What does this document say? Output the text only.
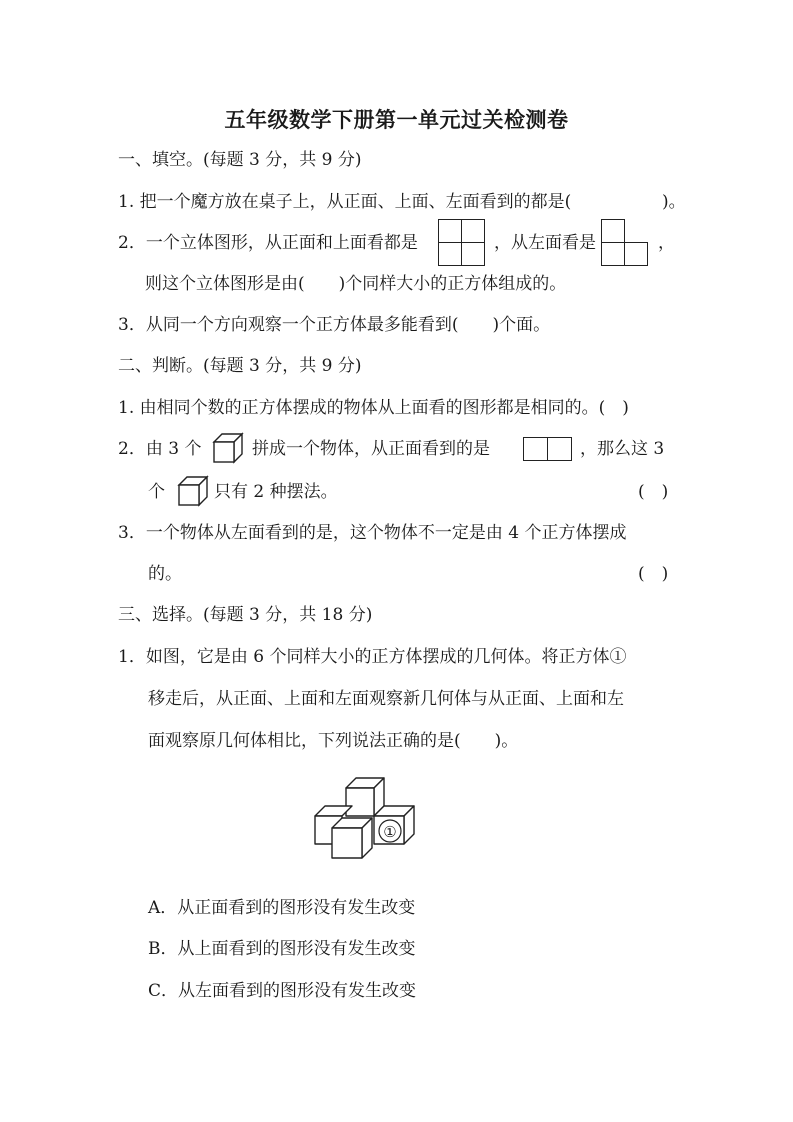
五年级数学下册第一单元过关检测卷
一、填空。(每题 3 分，共 9 分)
1. 把一个魔方放在桌子上，从正面、上面、左面看到的都是(	)。
2．一个立体图形，从正面和上面看都是	，从左面看是	，
则这个立体图形是由(　　)个同样大小的正方体组成的。
3．从同一个方向观察一个正方体最多能看到(　　)个面。
二、判断。(每题 3 分，共 9 分)
1. 由相同个数的正方体摆成的物体从上面看的图形都是相同的。(　)
2．由 3 个	拼成一个物体，从正面看到的是	，那么这 3
个	只有 2 种摆法。	(　)
3．一个物体从左面看到的是，这个物体不一定是由 4 个正方体摆成
的。	(　)
三、选择。(每题 3 分，共 18 分)
1．如图，它是由 6 个同样大小的正方体摆成的几何体。将正方体①
移走后，从正面、上面和左面观察新几何体与从正面、上面和左
面观察原几何体相比，下列说法正确的是(　　)。
①
A．从正面看到的图形没有发生改变
B．从上面看到的图形没有发生改变
C．从左面看到的图形没有发生改变
